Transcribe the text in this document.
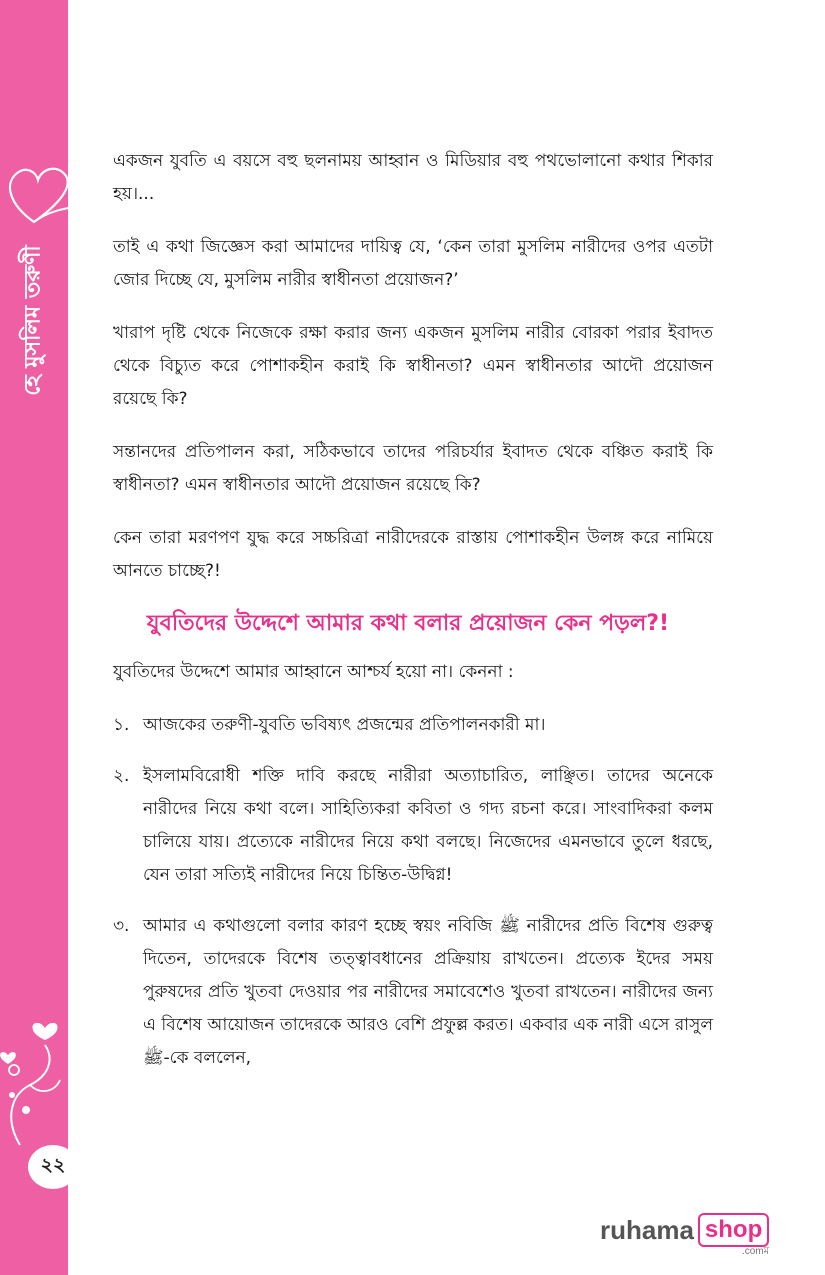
হে মুসলিম তরুণী
২২

একজন যুবতি এ বয়সে বহু ছলনাময় আহ্বান ও মিডিয়ার বহু পথভোলানো কথার শিকার হয়।...

তাই এ কথা জিজ্ঞেস করা আমাদের দায়িত্ব যে, ‘কেন তারা মুসলিম নারীদের ওপর এতটা জোর দিচ্ছে যে, মুসলিম নারীর স্বাধীনতা প্রয়োজন?’

খারাপ দৃষ্টি থেকে নিজেকে রক্ষা করার জন্য একজন মুসলিম নারীর বোরকা পরার ইবাদত থেকে বিচ্যুত করে পোশাকহীন করাই কি স্বাধীনতা? এমন স্বাধীনতার আদৌ প্রয়োজন রয়েছে কি?

সন্তানদের প্রতিপালন করা, সঠিকভাবে তাদের পরিচর্যার ইবাদত থেকে বঞ্চিত করাই কি স্বাধীনতা? এমন স্বাধীনতার আদৌ প্রয়োজন রয়েছে কি?

কেন তারা মরণপণ যুদ্ধ করে সচ্চরিত্রা নারীদেরকে রাস্তায় পোশাকহীন উলঙ্গ করে নামিয়ে আনতে চাচ্ছে?!

যুবতিদের উদ্দেশে আমার কথা বলার প্রয়োজন কেন পড়ল?!

যুবতিদের উদ্দেশে আমার আহ্বানে আশ্চর্য হয়ো না। কেননা :

১. আজকের তরুণী-যুবতি ভবিষ্যৎ প্রজন্মের প্রতিপালনকারী মা।
২. ইসলামবিরোধী শক্তি দাবি করছে নারীরা অত্যাচারিত, লাঞ্ছিত। তাদের অনেকে নারীদের নিয়ে কথা বলে। সাহিত্যিকরা কবিতা ও গদ্য রচনা করে। সাংবাদিকরা কলম চালিয়ে যায়। প্রত্যেকে নারীদের নিয়ে কথা বলছে। নিজেদের এমনভাবে তুলে ধরছে, যেন তারা সত্যিই নারীদের নিয়ে চিন্তিত-উদ্বিগ্ন!
৩. আমার এ কথাগুলো বলার কারণ হচ্ছে স্বয়ং নবিজি ﷺ নারীদের প্রতি বিশেষ গুরুত্ব দিতেন, তাদেরকে বিশেষ তত্ত্বাবধানের প্রক্রিয়ায় রাখতেন। প্রত্যেক ইদের সময় পুরুষদের প্রতি খুতবা দেওয়ার পর নারীদের সমাবেশেও খুতবা রাখতেন। নারীদের জন্য এ বিশেষ আয়োজন তাদেরকে আরও বেশি প্রফুল্ল করত। একবার এক নারী এসে রাসুল ﷺ-কে বললেন,
ruhama shop
.comম
